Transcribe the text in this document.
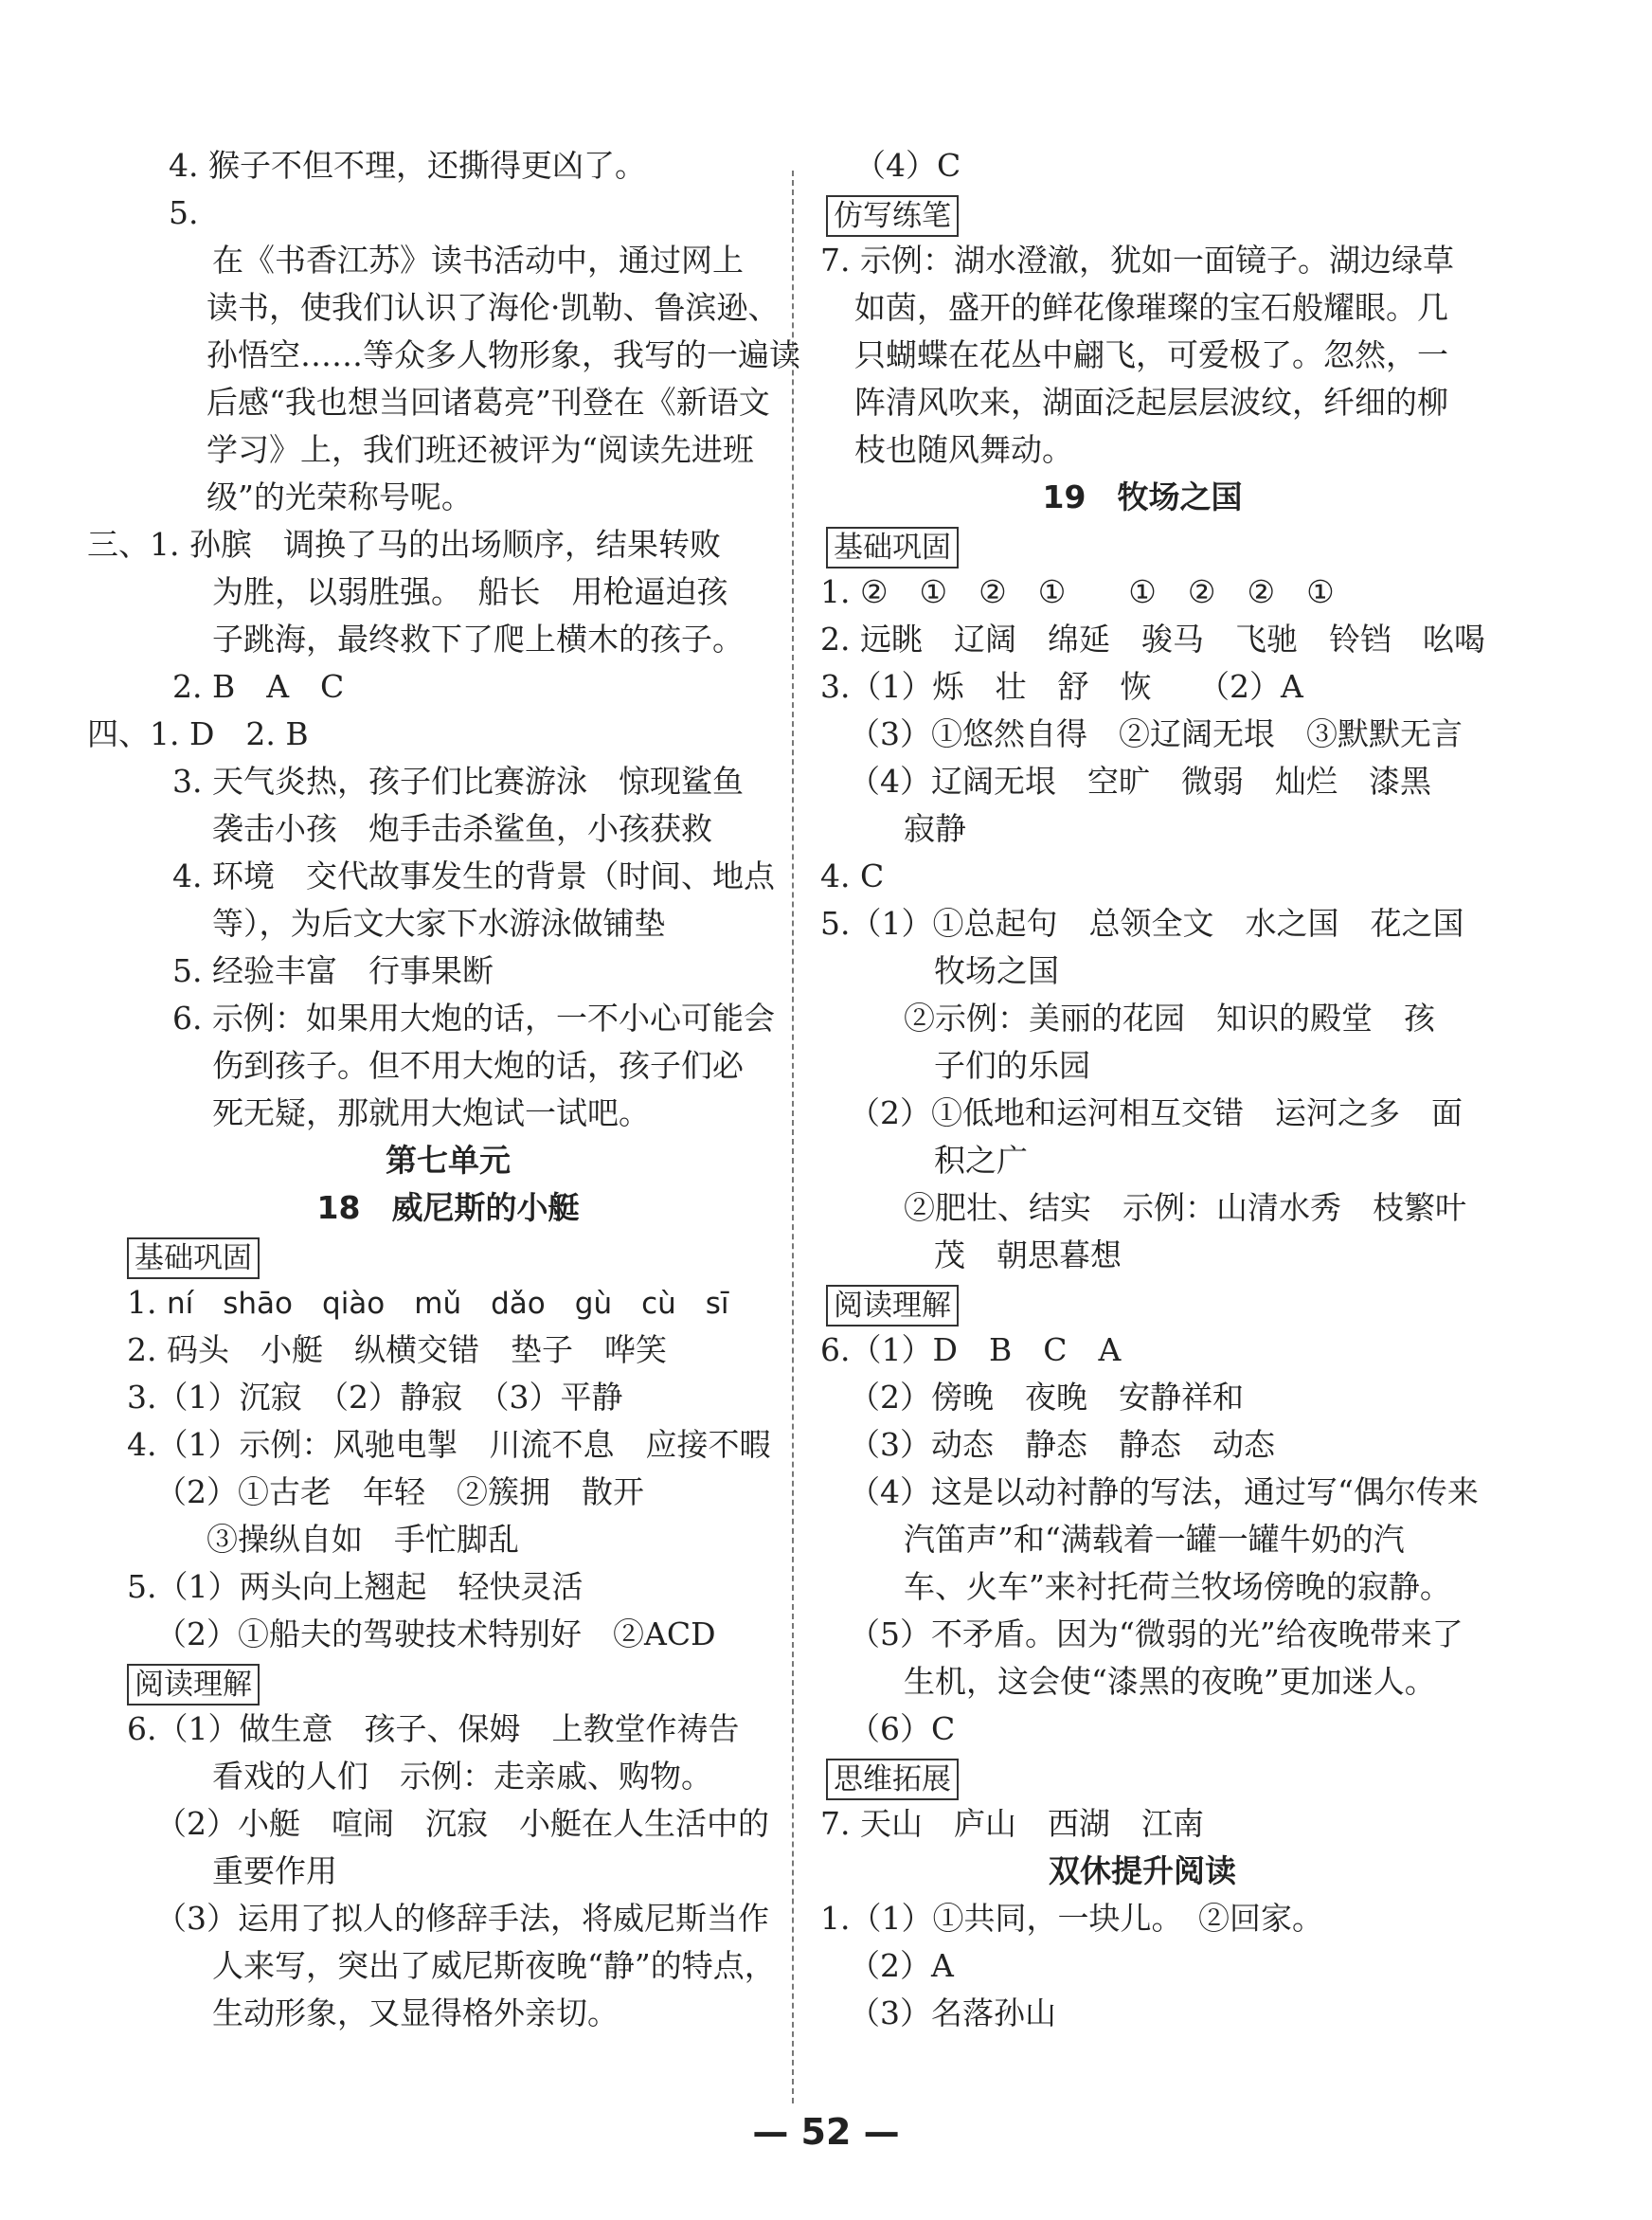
4. 猴子不但不理，还撕得更凶了。
5.
在《书香江苏》读书活动中，通过网上
读书，使我们认识了海伦·凯勒、鲁滨逊、
孙悟空……等众多人物形象，我写的一遍读
后感“我也想当回诸葛亮”刊登在《新语文
学习》上，我们班还被评为“阅读先进班
级”的光荣称号呢。
三、1. 孙膑　调换了马的出场顺序，结果转败
为胜，以弱胜强。　船长　用枪逼迫孩
子跳海，最终救下了爬上横木的孩子。
2. B　A　C
四、1. D　2. B
3. 天气炎热，孩子们比赛游泳　惊现鲨鱼
袭击小孩　炮手击杀鲨鱼，小孩获救
4. 环境　交代故事发生的背景（时间、地点
等），为后文大家下水游泳做铺垫
5. 经验丰富　行事果断
6. 示例：如果用大炮的话，一不小心可能会
伤到孩子。但不用大炮的话，孩子们必
死无疑，那就用大炮试一试吧。
第七单元
18　威尼斯的小艇
基础巩固
1. ní　shāo　qiào　mǔ　dǎo　gù　cù　sī
2. 码头　小艇　纵横交错　垫子　哗笑
3.（1）沉寂　（2）静寂　（3）平静
4.（1）示例：风驰电掣　川流不息　应接不暇
（2）①古老　年轻　②簇拥　散开
③操纵自如　手忙脚乱
5.（1）两头向上翘起　轻快灵活
（2）①船夫的驾驶技术特别好　②ACD
阅读理解
6.（1）做生意　孩子、保姆　上教堂作祷告
看戏的人们　示例：走亲戚、购物。
（2）小艇　喧闹　沉寂　小艇在人生活中的
重要作用
（3）运用了拟人的修辞手法，将威尼斯当作
人来写，突出了威尼斯夜晚“静”的特点，
生动形象，又显得格外亲切。
（4）C
仿写练笔
7. 示例：湖水澄澈，犹如一面镜子。湖边绿草
如茵，盛开的鲜花像璀璨的宝石般耀眼。几
只蝴蝶在花丛中翩飞，可爱极了。忽然，一
阵清风吹来，湖面泛起层层波纹，纤细的柳
枝也随风舞动。
19　牧场之国
基础巩固
1. ②　①　②　①　　①　②　②　①
2. 远眺　辽阔　绵延　骏马　飞驰　铃铛　吆喝
3.（1）烁　壮　舒　恢　　（2）A
（3）①悠然自得　②辽阔无垠　③默默无言
（4）辽阔无垠　空旷　微弱　灿烂　漆黑
寂静
4. C
5.（1）①总起句　总领全文　水之国　花之国
牧场之国
②示例：美丽的花园　知识的殿堂　孩
子们的乐园
（2）①低地和运河相互交错　运河之多　面
积之广
②肥壮、结实　示例：山清水秀　枝繁叶
茂　朝思暮想
阅读理解
6.（1）D　B　C　A
（2）傍晚　夜晚　安静祥和
（3）动态　静态　静态　动态
（4）这是以动衬静的写法，通过写“偶尔传来
汽笛声”和“满载着一罐一罐牛奶的汽
车、火车”来衬托荷兰牧场傍晚的寂静。
（5）不矛盾。因为“微弱的光”给夜晚带来了
生机，这会使“漆黑的夜晚”更加迷人。
（6）C
思维拓展
7. 天山　庐山　西湖　江南
双休提升阅读
1.（1）①共同，一块儿。　②回家。
（2）A
（3）名落孙山
— 52 —
